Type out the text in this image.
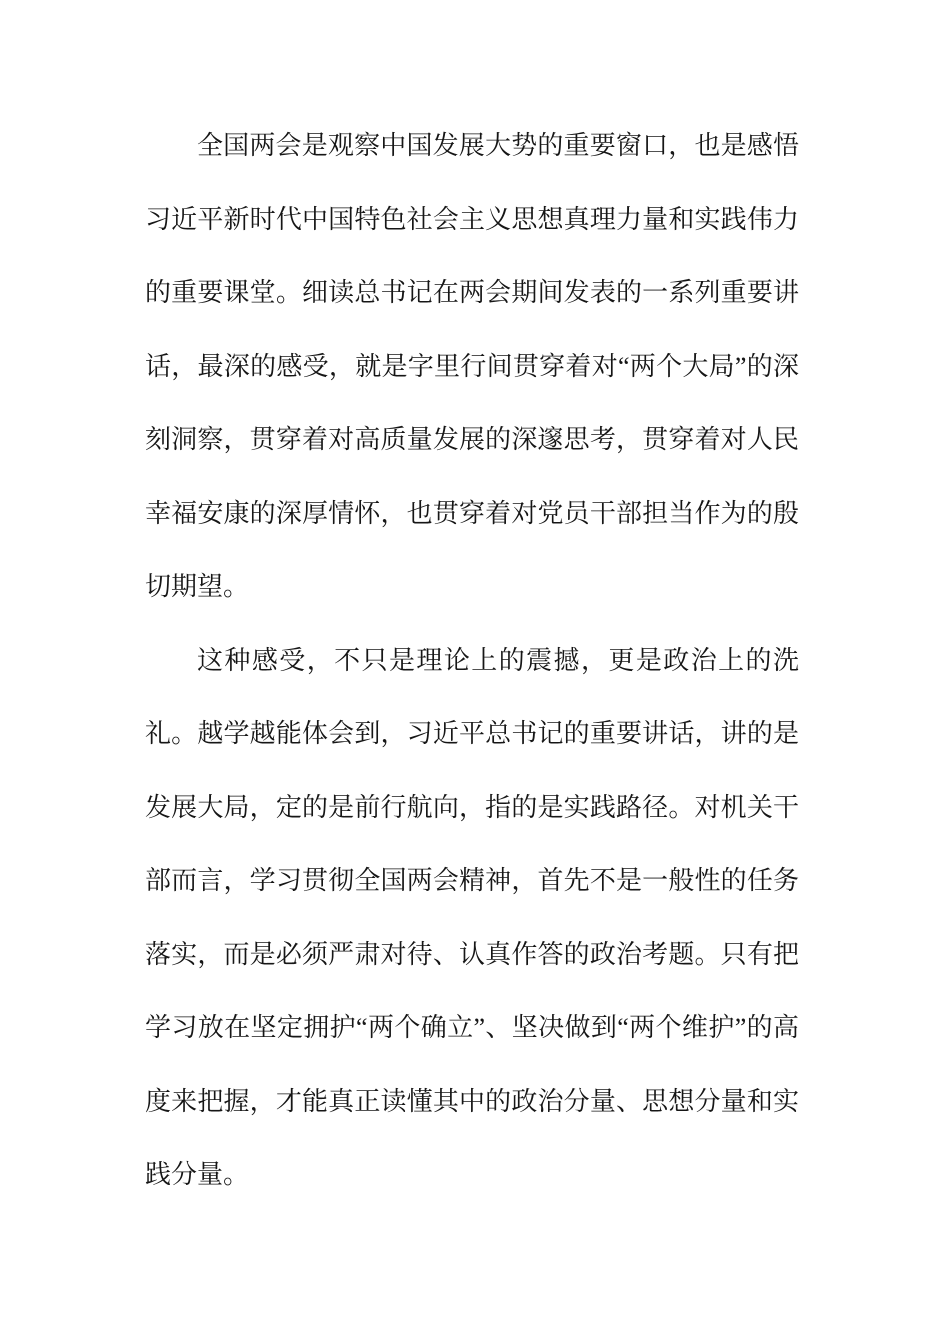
全国两会是观察中国发展大势的重要窗口，也是感悟习近平新时代中国特色社会主义思想真理力量和实践伟力的重要课堂。细读总书记在两会期间发表的一系列重要讲话，最深的感受，就是字里行间贯穿着对“两个大局”的深刻洞察，贯穿着对高质量发展的深邃思考，贯穿着对人民幸福安康的深厚情怀，也贯穿着对党员干部担当作为的殷切期望。

这种感受，不只是理论上的震撼，更是政治上的洗礼。越学越能体会到，习近平总书记的重要讲话，讲的是发展大局，定的是前行航向，指的是实践路径。对机关干部而言，学习贯彻全国两会精神，首先不是一般性的任务落实，而是必须严肃对待、认真作答的政治考题。只有把学习放在坚定拥护“两个确立”、坚决做到“两个维护”的高度来把握，才能真正读懂其中的政治分量、思想分量和实践分量。
